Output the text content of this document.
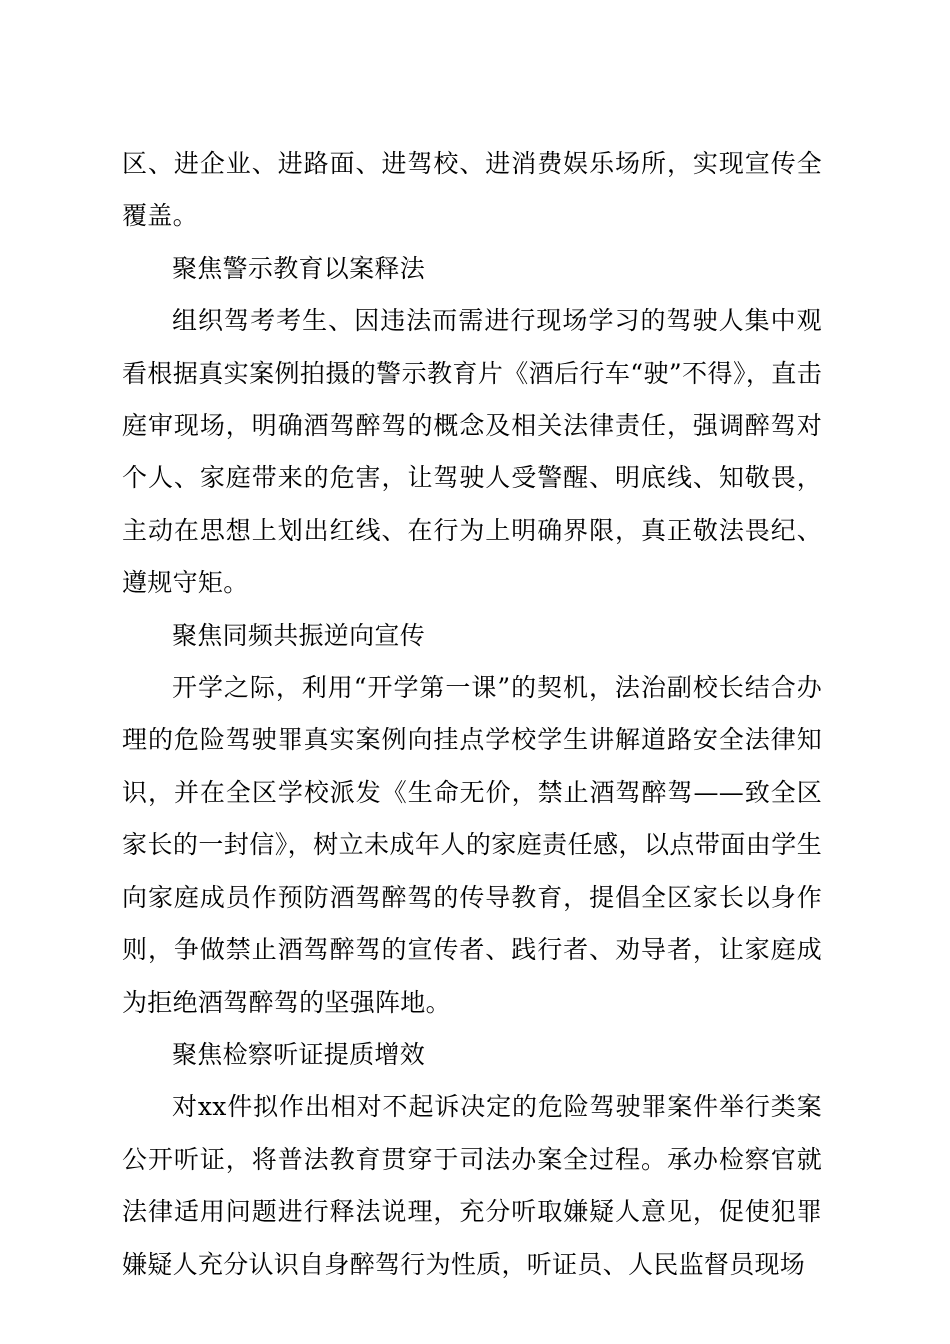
区、进企业、进路面、进驾校、进消费娱乐场所，实现宣传全覆盖。

聚焦警示教育以案释法

组织驾考考生、因违法而需进行现场学习的驾驶人集中观看根据真实案例拍摄的警示教育片《酒后行车“驶”不得》，直击庭审现场，明确酒驾醉驾的概念及相关法律责任，强调醉驾对个人、家庭带来的危害，让驾驶人受警醒、明底线、知敬畏，主动在思想上划出红线、在行为上明确界限，真正敬法畏纪、遵规守矩。

聚焦同频共振逆向宣传

开学之际，利用“开学第一课”的契机，法治副校长结合办理的危险驾驶罪真实案例向挂点学校学生讲解道路安全法律知识，并在全区学校派发《生命无价，禁止酒驾醉驾——致全区家长的一封信》，树立未成年人的家庭责任感，以点带面由学生向家庭成员作预防酒驾醉驾的传导教育，提倡全区家长以身作则，争做禁止酒驾醉驾的宣传者、践行者、劝导者，让家庭成为拒绝酒驾醉驾的坚强阵地。

聚焦检察听证提质增效

对xx件拟作出相对不起诉决定的危险驾驶罪案件举行类案公开听证，将普法教育贯穿于司法办案全过程。承办检察官就法律适用问题进行释法说理，充分听取嫌疑人意见，促使犯罪嫌疑人充分认识自身醉驾行为性质，听证员、人民监督员现场
